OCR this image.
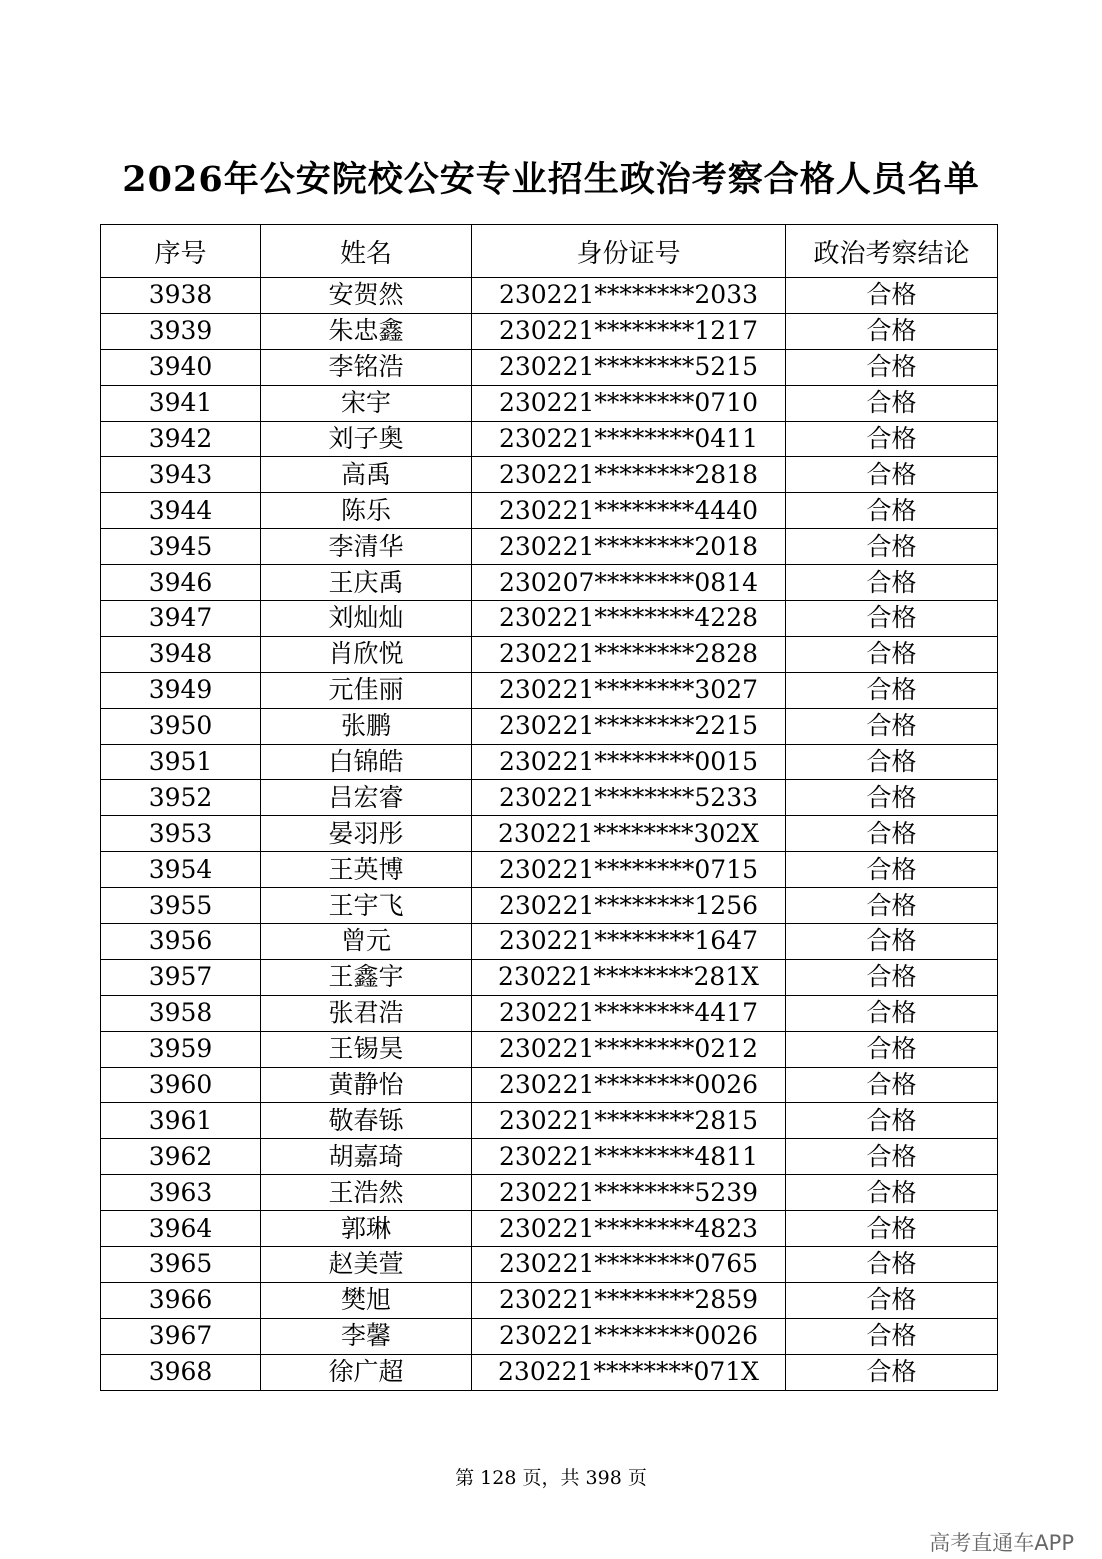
2026年公安院校公安专业招生政治考察合格人员名单
序号	姓名	身份证号	政治考察结论
3938	安贺然	230221********2033	合格
3939	朱忠鑫	230221********1217	合格
3940	李铭浩	230221********5215	合格
3941	宋宇	230221********0710	合格
3942	刘子奥	230221********0411	合格
3943	高禹	230221********2818	合格
3944	陈乐	230221********4440	合格
3945	李清华	230221********2018	合格
3946	王庆禹	230207********0814	合格
3947	刘灿灿	230221********4228	合格
3948	肖欣悦	230221********2828	合格
3949	元佳丽	230221********3027	合格
3950	张鹏	230221********2215	合格
3951	白锦皓	230221********0015	合格
3952	吕宏睿	230221********5233	合格
3953	晏羽彤	230221********302X	合格
3954	王英博	230221********0715	合格
3955	王宇飞	230221********1256	合格
3956	曾元	230221********1647	合格
3957	王鑫宇	230221********281X	合格
3958	张君浩	230221********4417	合格
3959	王锡昊	230221********0212	合格
3960	黄静怡	230221********0026	合格
3961	敬春铄	230221********2815	合格
3962	胡嘉琦	230221********4811	合格
3963	王浩然	230221********5239	合格
3964	郭琳	230221********4823	合格
3965	赵美萱	230221********0765	合格
3966	樊旭	230221********2859	合格
3967	李馨	230221********0026	合格
3968	徐广超	230221********071X	合格
第 128 页，共 398 页
高考直通车APP
